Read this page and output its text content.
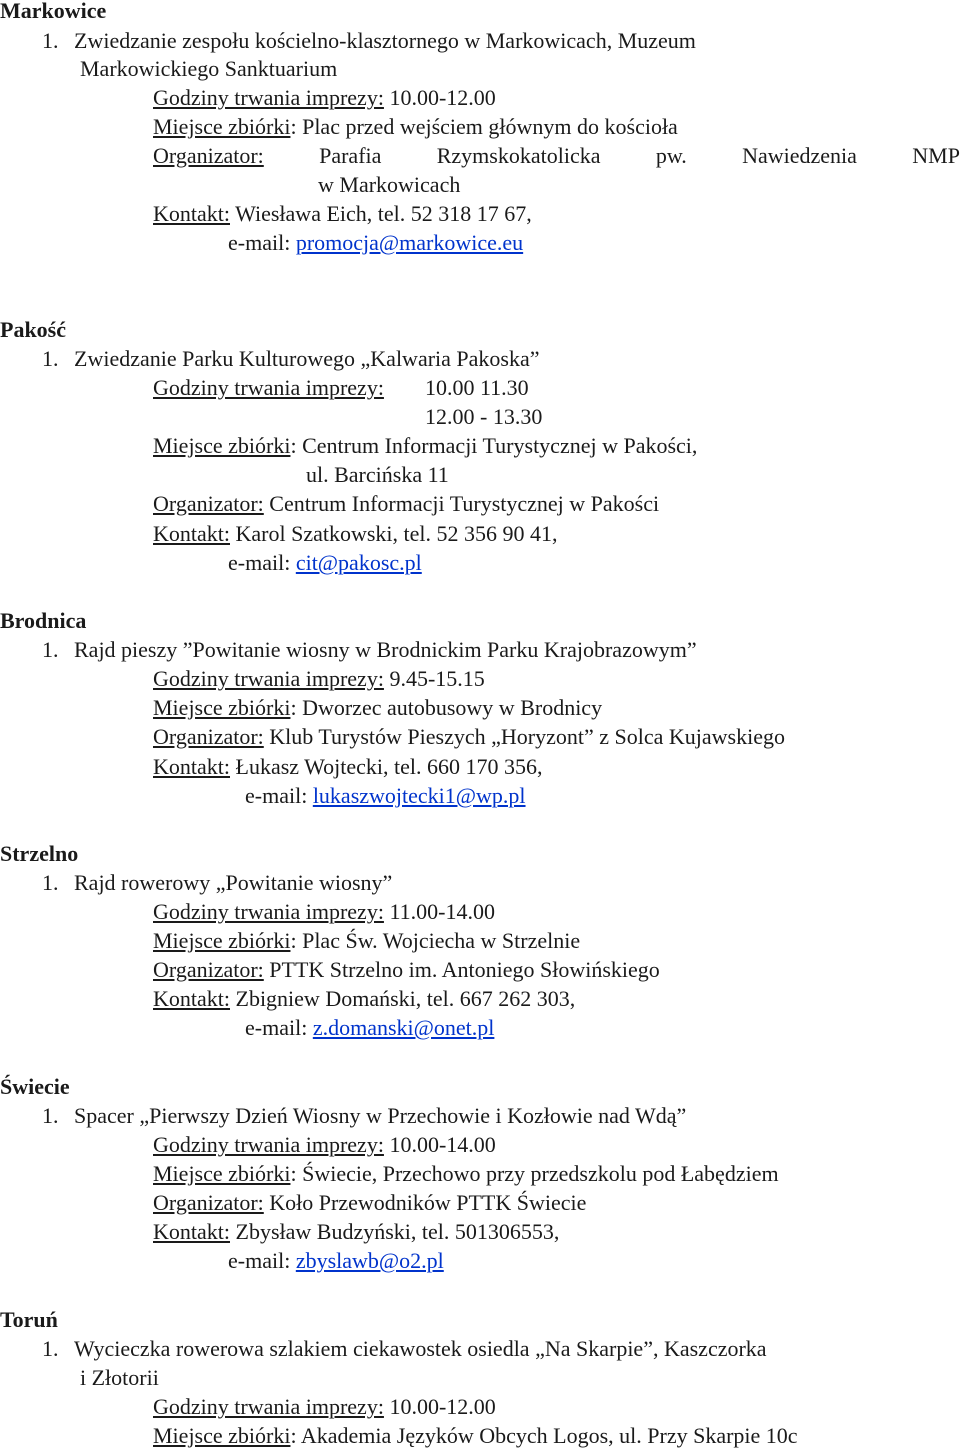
Markowice
1. Zwiedzanie zespołu kościelno-klasztornego w Markowicach, Muzeum
Markowickiego Sanktuarium
Godziny trwania imprezy: 10.00-12.00
Miejsce zbiórki: Plac przed wejściem głównym do kościoła
Organizator:	Parafia	Rzymskokatolicka	pw.	Nawiedzenia	NMP
w Markowicach
Kontakt: Wiesława Eich, tel. 52 318 17 67,
e-mail: promocja@markowice.eu
Pakość
1. Zwiedzanie Parku Kulturowego „Kalwaria Pakoska”
Godziny trwania imprezy: 10.00 11.30
12.00 - 13.30
Miejsce zbiórki: Centrum Informacji Turystycznej w Pakości,
ul. Barcińska 11
Organizator: Centrum Informacji Turystycznej w Pakości
Kontakt: Karol Szatkowski, tel. 52 356 90 41,
e-mail: cit@pakosc.pl
Brodnica
1. Rajd pieszy ”Powitanie wiosny w Brodnickim Parku Krajobrazowym”
Godziny trwania imprezy: 9.45-15.15
Miejsce zbiórki: Dworzec autobusowy w Brodnicy
Organizator: Klub Turystów Pieszych „Horyzont” z Solca Kujawskiego
Kontakt: Łukasz Wojtecki, tel. 660 170 356,
e-mail: lukaszwojtecki1@wp.pl
Strzelno
1. Rajd rowerowy „Powitanie wiosny”
Godziny trwania imprezy: 11.00-14.00
Miejsce zbiórki: Plac Św. Wojciecha w Strzelnie
Organizator: PTTK Strzelno im. Antoniego Słowińskiego
Kontakt: Zbigniew Domański, tel. 667 262 303,
e-mail: z.domanski@onet.pl
Świecie
1. Spacer „Pierwszy Dzień Wiosny w Przechowie i Kozłowie nad Wdą”
Godziny trwania imprezy: 10.00-14.00
Miejsce zbiórki: Świecie, Przechowo przy przedszkolu pod Łabędziem
Organizator: Koło Przewodników PTTK Świecie
Kontakt: Zbysław Budzyński, tel. 501306553,
e-mail: zbyslawb@o2.pl
Toruń
1. Wycieczka rowerowa szlakiem ciekawostek osiedla „Na Skarpie”, Kaszczorka
i Złotorii
Godziny trwania imprezy: 10.00-12.00
Miejsce zbiórki: Akademia Języków Obcych Logos, ul. Przy Skarpie 10c
